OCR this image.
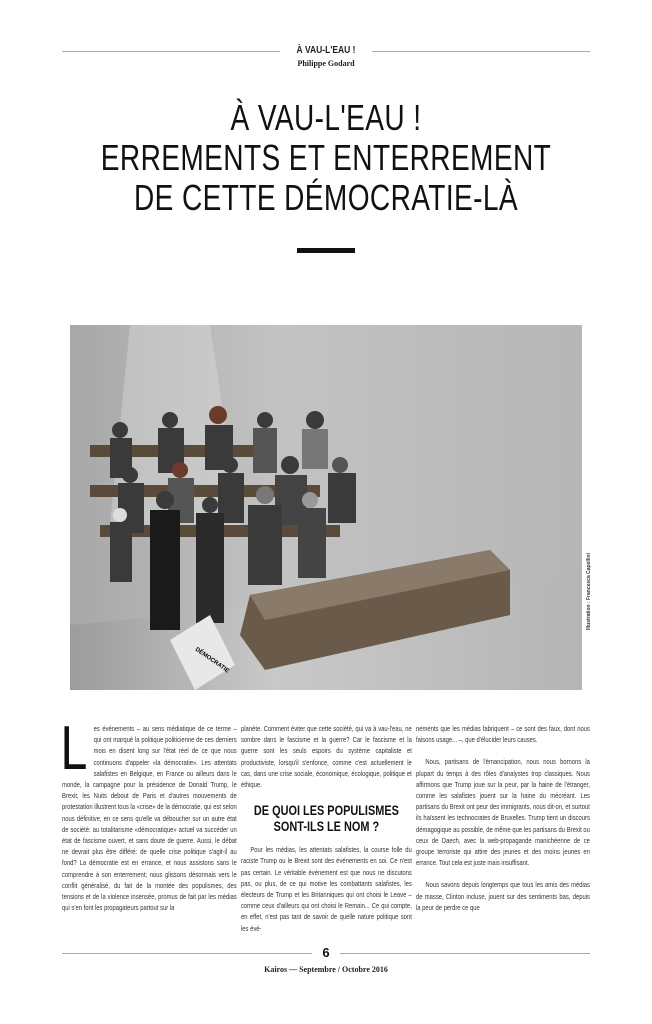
À VAU-L'EAU !
Philippe Godard
À VAU-L'EAU !
ERREMENTS ET ENTERREMENT
DE CETTE DÉMOCRATIE-LÀ
DÉMOCRATIE
Illustration : Francesca Capellini
L es événements – au sens médiatique de ce terme – qui ont marqué la politique politicienne de ces derniers mois en disent long sur l'état réel de ce que nous continuons d'appeler «la démocratie». Les attentats salafistes en Belgique, en France ou ailleurs dans le monde, la campagne pour la présidence de Donald Trump, le Brexit, les Nuits debout de Paris et d'autres mouvements de protestation illustrent tous la «crise» de la démocratie, qui est selon nous définitive, en ce sens qu'elle va déboucher sur un autre état de société: au totalitarisme «démocratique» actuel va succéder un état de fascisme ouvert, et sans doute de guerre. Aussi, le débat ne devrait plus être différé: de quelle crise politique s'agit-il au fond? La démocratie est en errance, et nous assistons sans le comprendre à son enterrement; nous glissons désormais vers le conflit généralisé, du fait de la montée des populismes, des tensions et de la violence insensée, promus de fait par les médias qui s'en font les propagateurs partout sur la

planète. Comment éviter que cette société, qui va à vau-l'eau, ne sombre dans le fascisme et la guerre? Car le fascisme et la guerre sont les seuls espoirs du système capitaliste et productiviste, lorsqu'il s'enfonce, comme c'est actuellement le cas, dans une crise sociale, économique, écologique, politique et éthique.

DE QUOI LES POPULISMES SONT-ILS LE NOM ?

Pour les médias, les attentats salafistes, la course folle du raciste Trump ou le Brexit sont des événements en soi. Ce n'est pas certain. Le véritable événement est que nous ne discutons pas, ou plus, de ce qui motive les combattants salafistes, les électeurs de Trump et les Britanniques qui ont choisi le Leave – comme ceux d'ailleurs qui ont choisi le Remain... Ce qui compte, en effet, n'est pas tant de savoir de quelle nature politique sont les évé-

nements que les médias fabriquent – ce sont des faux, dont nous faisons usage... –, que d'élucider leurs causes.

Nous, partisans de l'émancipation, nous nous bornons la plupart du temps à des rôles d'analystes trop classiques. Nous affirmons que Trump joue sur la peur, par la haine de l'étranger, comme les salafistes jouent sur la haine du mécréant. Les partisans du Brexit ont peur des immigrants, nous dit-on, et surtout ils haïssent les technocrates de Bruxelles. Trump tient un discours démagogique au possible, de même que les partisans du Brexit ou ceux de Daech, avec la web-propagande manichéenne de ce groupe terroriste qui attire des jeunes et des moins jeunes en errance. Tout cela est juste mais insuffisant.

Nous savons depuis longtemps que tous les amis des médias de masse, Clinton incluse, jouent sur des sentiments bas, depuis la peur de perdre ce que

6
Kairos — Septembre / Octobre 2016
